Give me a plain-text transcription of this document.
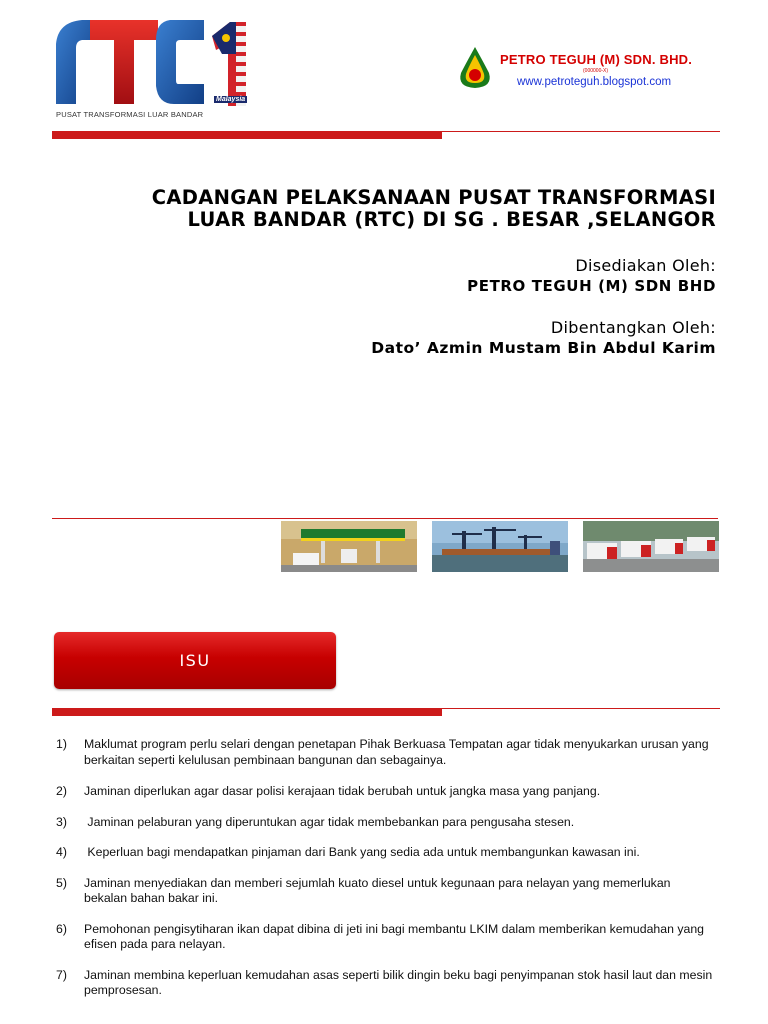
Malaysia
PUSAT TRANSFORMASI LUAR BANDAR
PETRO TEGUH (M) SDN. BHD.
(000000-X)
www.petroteguh.blogspot.com
CADANGAN PELAKSANAAN PUSAT TRANSFORMASI
LUAR BANDAR (RTC) DI SG . BESAR ,SELANGOR
Disediakan Oleh:
PETRO TEGUH (M) SDN BHD
Dibentangkan Oleh:
Dato’ Azmin Mustam Bin Abdul Karim
ISU
1)	Maklumat program perlu selari dengan penetapan Pihak Berkuasa Tempatan agar tidak menyukarkan urusan yang berkaitan seperti kelulusan pembinaan bangunan dan sebagainya.
2)	Jaminan diperlukan agar dasar polisi kerajaan tidak berubah untuk jangka masa yang panjang.
3)	Jaminan pelaburan yang diperuntukan agar tidak membebankan para pengusaha stesen.
4)	Keperluan bagi mendapatkan pinjaman dari Bank yang sedia ada untuk membangunkan kawasan ini.
5)	Jaminan menyediakan dan memberi sejumlah kuato diesel untuk kegunaan para nelayan yang memerlukan bekalan bahan bakar ini.
6)	Pemohonan pengisytiharan ikan dapat dibina di jeti ini bagi membantu LKIM dalam memberikan kemudahan yang efisen pada para nelayan.
7)	Jaminan membina keperluan kemudahan asas seperti bilik dingin beku bagi penyimpanan stok hasil laut dan mesin pemprosesan.
